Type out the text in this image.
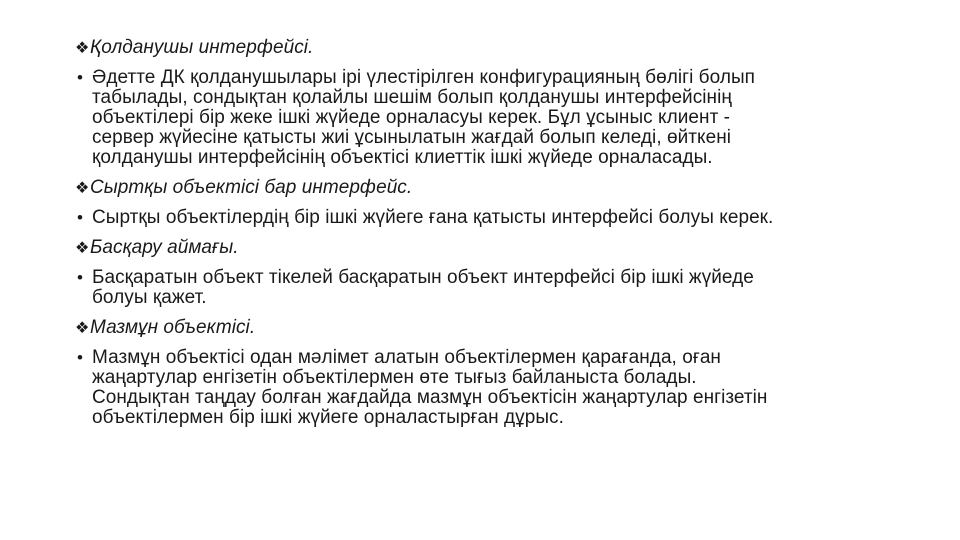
❖ Қолданушы интерфейсі.
• Әдетте ДК қолданушылары ірі үлестірілген конфигурацияның бөлігі болып
табылады, сондықтан қолайлы шешім болып қолданушы интерфейсінің
объектілері бір жеке ішкі жүйеде орналасуы керек. Бұл ұсыныс клиент -
сервер жүйесіне қатысты жиі ұсынылатын жағдай болып келеді, өйткені
қолданушы интерфейсінің объектісі клиеттік ішкі жүйеде орналасады.
❖ Сыртқы объектісі бар интерфейс.
• Сыртқы объектілердің бір ішкі жүйеге ғана қатысты интерфейсі болуы керек.
❖ Басқару аймағы.
• Басқаратын объект тікелей басқаратын объект интерфейсі бір ішкі жүйеде
болуы қажет.
❖ Мазмұн объектісі.
• Мазмұн объектісі одан мәлімет алатын объектілермен қарағанда, оған
жаңартулар енгізетін объектілермен өте тығыз байланыста болады.
Сондықтан таңдау болған жағдайда мазмұн объектісін жаңартулар енгізетін
объектілермен бір ішкі жүйеге орналастырған дұрыс.
